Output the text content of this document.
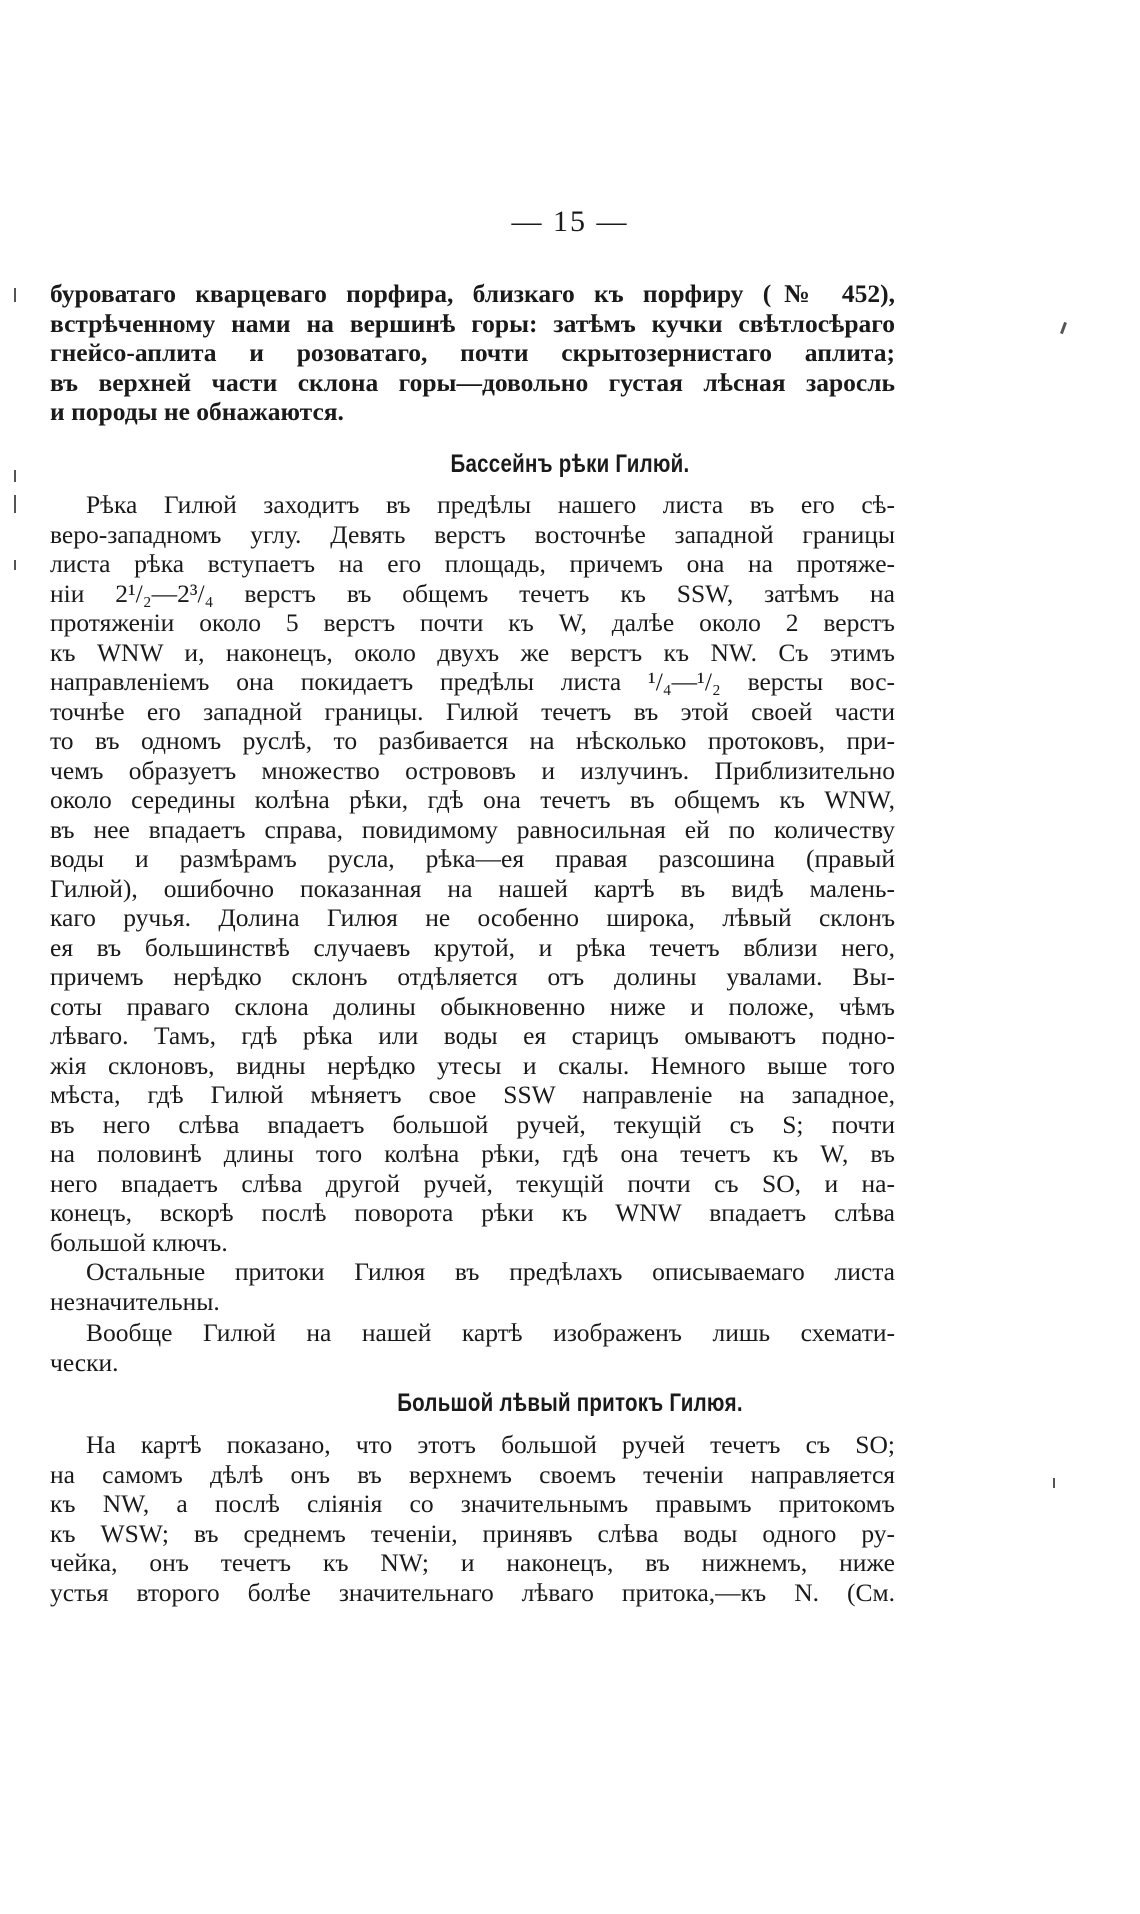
— 15 —
буроватаго кварцеваго порфира, близкаго къ порфиру (№ 452),
встрѣченному нами на вершинѣ горы: затѣмъ кучки свѣтлосѣраго
гнейсо-аплита и розоватаго, почти скрытозернистаго аплита;
въ верхней части склона горы—довольно густая лѣсная заросль
и породы не обнажаются.
Бассейнъ рѣки Гилюй.
Рѣка Гилюй заходитъ въ предѣлы нашего листа въ его сѣ-
веро-западномъ углу. Девять верстъ восточнѣе западной границы
листа рѣка вступаетъ на его площадь, причемъ она на протяже-
ніи 2¹/₂—2³/₄ верстъ въ общемъ течетъ къ SSW, затѣмъ на
протяженіи около 5 верстъ почти къ W, далѣе около 2 верстъ
къ WNW и, наконецъ, около двухъ же верстъ къ NW. Съ этимъ
направленіемъ она покидаетъ предѣлы листа ¹/₄—¹/₂ версты вос-
точнѣе его западной границы. Гилюй течетъ въ этой своей части
то въ одномъ руслѣ, то разбивается на нѣсколько протоковъ, при-
чемъ образуетъ множество острововъ и излучинъ. Приблизительно
около середины колѣна рѣки, гдѣ она течетъ въ общемъ къ WNW,
въ нее впадаетъ справа, повидимому равносильная ей по количеству
воды и размѣрамъ русла, рѣка—ея правая разсошина (правый
Гилюй), ошибочно показанная на нашей картѣ въ видѣ малень-
каго ручья. Долина Гилюя не особенно широка, лѣвый склонъ
ея въ большинствѣ случаевъ крутой, и рѣка течетъ вблизи него,
причемъ нерѣдко склонъ отдѣляется отъ долины увалами. Вы-
соты праваго склона долины обыкновенно ниже и положе, чѣмъ
лѣваго. Тамъ, гдѣ рѣка или воды ея старицъ омываютъ подно-
жія склоновъ, видны нерѣдко утесы и скалы. Немного выше того
мѣста, гдѣ Гилюй мѣняетъ свое SSW направленіе на западное,
въ него слѣва впадаетъ большой ручей, текущій съ S; почти
на половинѣ длины того колѣна рѣки, гдѣ она течетъ къ W, въ
него впадаетъ слѣва другой ручей, текущій почти съ SO, и на-
конецъ, вскорѣ послѣ поворота рѣки къ WNW впадаетъ слѣва
большой ключъ.
Остальные притоки Гилюя въ предѣлахъ описываемаго листа
незначительны.
Вообще Гилюй на нашей картѣ изображенъ лишь схемати-
чески.
Большой лѣвый притокъ Гилюя.
На картѣ показано, что этотъ большой ручей течетъ съ SO;
на самомъ дѣлѣ онъ въ верхнемъ своемъ теченіи направляется
къ NW, а послѣ сліянія со значительнымъ правымъ притокомъ
къ WSW; въ среднемъ теченіи, принявъ слѣва воды одного ру-
чейка, онъ течетъ къ NW; и наконецъ, въ нижнемъ, ниже
устья второго болѣе значительнаго лѣваго притока,—къ N. (См.
